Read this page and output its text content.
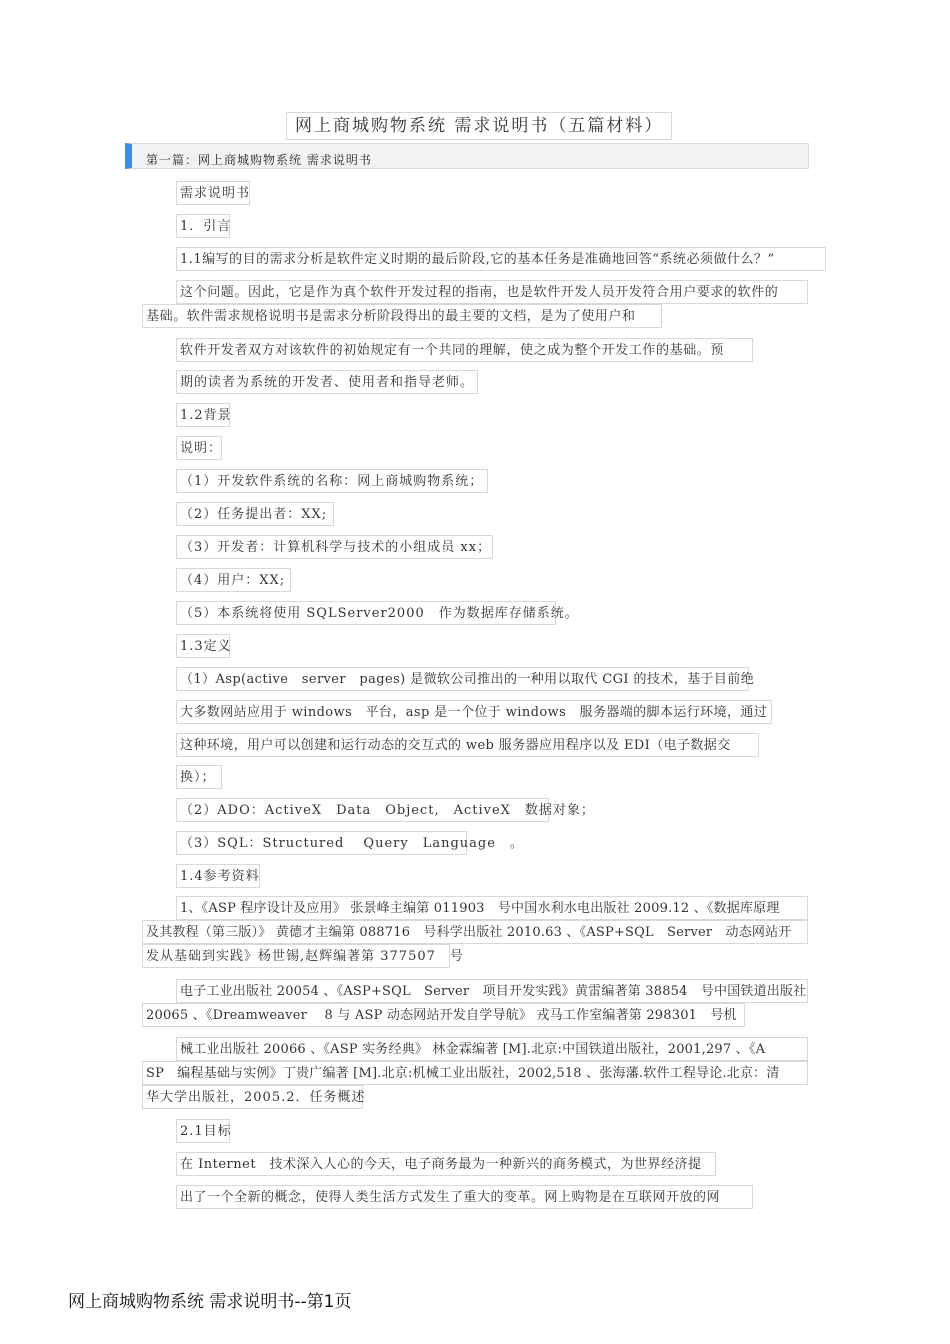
网上商城购物系统 需求说明书（五篇材料）
第一篇：网上商城购物系统 需求说明书
需求说明书
1．引言
1.1编写的目的需求分析是软件定义时期的最后阶段,它的基本任务是准确地回答“系统必须做什么？”
这个问题。因此，它是作为真个软件开发过程的指南，也是软件开发人员开发符合用户要求的软件的
基础。软件需求规格说明书是需求分析阶段得出的最主要的文档，是为了使用户和
软件开发者双方对该软件的初始规定有一个共同的理解，使之成为整个开发工作的基础。预
期的读者为系统的开发者、使用者和指导老师。
1.2背景
说明：
（1）开发软件系统的名称：网上商城购物系统；
（2）任务提出者：XX;
（3）开发者：计算机科学与技术的小组成员 xx；
（4）用户：XX;
（5）本系统将使用 SQLServer2000　作为数据库存储系统。
1.3定义
（1）Asp(active　server　pages) 是微软公司推出的一种用以取代 CGI 的技术，基于目前绝
大多数网站应用于 windows　平台，asp 是一个位于 windows　服务器端的脚本运行环境，通过
这种环境，用户可以创建和运行动态的交互式的 web 服务器应用程序以及 EDI（电子数据交
换）；
（2）ADO：ActiveX　Data　Object,　ActiveX　数据对象；
（3）SQL：Structured　 Query　Language　。
1.4参考资料
1、《ASP 程序设计及应用》 张景峰主编第 011903　号中国水利水电出版社 2009.12 、《数据库原理
及其教程（第三版）》 黄德才主编第 088716　号科学出版社 2010.63 、《ASP+SQL　Server　动态网站开
发从基础到实践》杨世锡,赵辉编著第 377507　号
电子工业出版社 20054 、《ASP+SQL　Server　项目开发实践》黄雷编著第 38854　号中国铁道出版社
20065 、《Dreamweaver　 8 与 ASP 动态网站开发自学导航》 戎马工作室编著第 298301　号机
械工业出版社 20066 、《ASP 实务经典》 林金霖编著 [M].北京:中国铁道出版社，2001,297 、《A
SP　编程基础与实例》丁贵广编著 [M].北京:机械工业出版社，2002,518 、张海藩.软件工程导论.北京：清
华大学出版社，2005.2．任务概述
2.1目标
在 Internet　技术深入人心的今天，电子商务最为一种新兴的商务模式，为世界经济提
出了一个全新的概念，使得人类生活方式发生了重大的变革。网上购物是在互联网开放的网
网上商城购物系统 需求说明书--第1页
